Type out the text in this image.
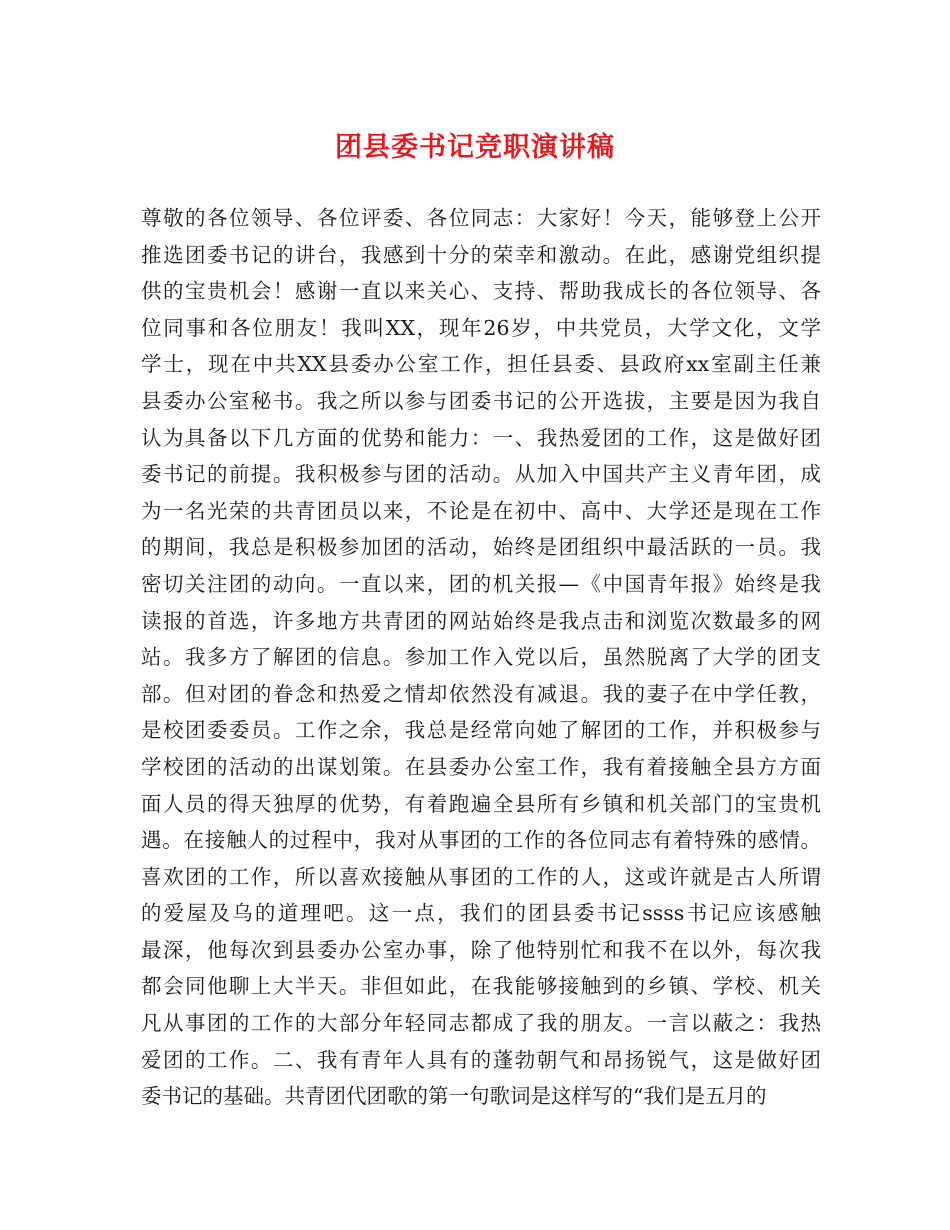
团县委书记竞职演讲稿
尊敬的各位领导、各位评委、各位同志：大家好！今天，能够登上公开
推选团委书记的讲台，我感到十分的荣幸和激动。在此，感谢党组织提
供的宝贵机会！感谢一直以来关心、支持、帮助我成长的各位领导、各
位同事和各位朋友！我叫XX，现年26岁，中共党员，大学文化，文学
学士，现在中共XX县委办公室工作，担任县委、县政府xx室副主任兼
县委办公室秘书。我之所以参与团委书记的公开选拔，主要是因为我自
认为具备以下几方面的优势和能力：一、我热爱团的工作，这是做好团
委书记的前提。我积极参与团的活动。从加入中国共产主义青年团，成
为一名光荣的共青团员以来，不论是在初中、高中、大学还是现在工作
的期间，我总是积极参加团的活动，始终是团组织中最活跃的一员。我
密切关注团的动向。一直以来，团的机关报—《中国青年报》始终是我
读报的首选，许多地方共青团的网站始终是我点击和浏览次数最多的网
站。我多方了解团的信息。参加工作入党以后，虽然脱离了大学的团支
部。但对团的眷念和热爱之情却依然没有减退。我的妻子在中学任教，
是校团委委员。工作之余，我总是经常向她了解团的工作，并积极参与
学校团的活动的出谋划策。在县委办公室工作，我有着接触全县方方面
面人员的得天独厚的优势，有着跑遍全县所有乡镇和机关部门的宝贵机
遇。在接触人的过程中，我对从事团的工作的各位同志有着特殊的感情。
喜欢团的工作，所以喜欢接触从事团的工作的人，这或许就是古人所谓
的爱屋及乌的道理吧。这一点，我们的团县委书记ssss书记应该感触
最深，他每次到县委办公室办事，除了他特别忙和我不在以外，每次我
都会同他聊上大半天。非但如此，在我能够接触到的乡镇、学校、机关
凡从事团的工作的大部分年轻同志都成了我的朋友。一言以蔽之：我热
爱团的工作。二、我有青年人具有的蓬勃朝气和昂扬锐气，这是做好团
委书记的基础。共青团代团歌的第一句歌词是这样写的“我们是五月的
